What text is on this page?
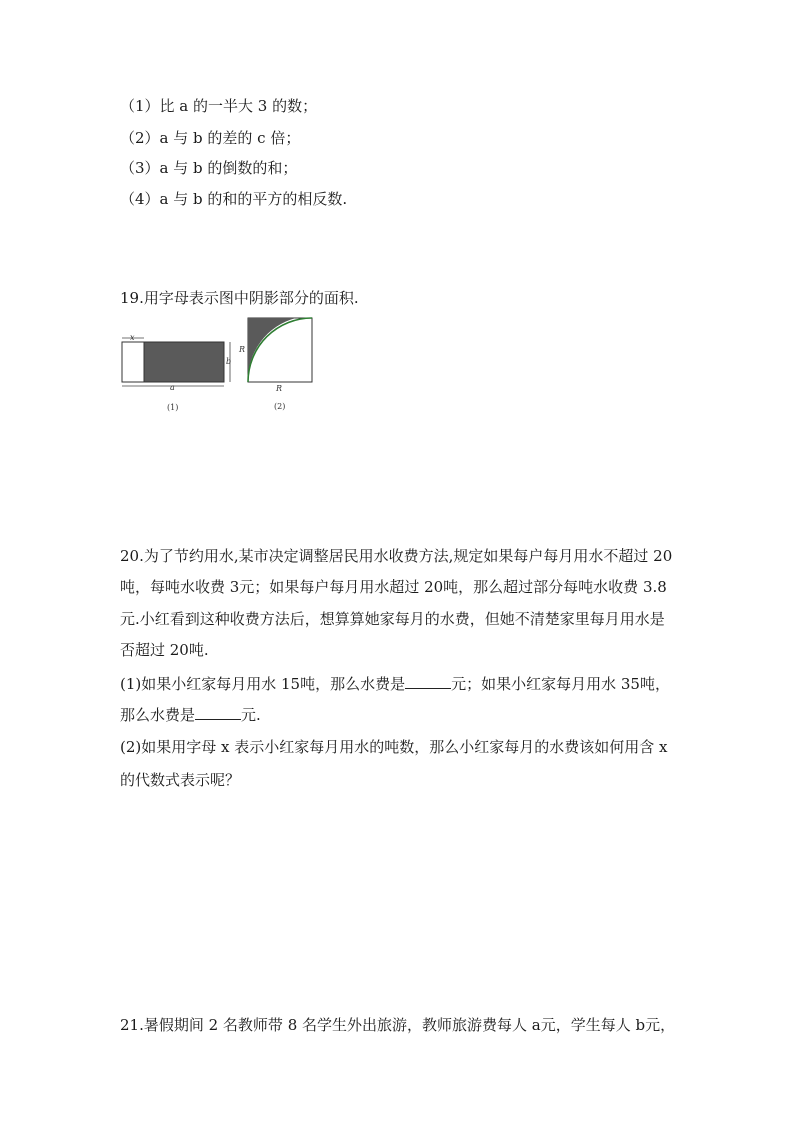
（1）比 a 的一半大 3 的数；
（2）a 与 b 的差的 c 倍；
（3）a 与 b 的倒数的和；
（4）a 与 b 的和的平方的相反数.
19.用字母表示图中阴影部分的面积.
x
b
a
(1)
R
R
(2)
20.为了节约用水,某市决定调整居民用水收费方法,规定如果每户每月用水不超过 20
吨，每吨水收费 3元；如果每户每月用水超过 20吨，那么超过部分每吨水收费 3.8
元.小红看到这种收费方法后，想算算她家每月的水费，但她不清楚家里每月用水是
否超过 20吨.
(1)如果小红家每月用水 15吨，那么水费是	元；如果小红家每月用水 35吨，
那么水费是	元.
(2)如果用字母 x 表示小红家每月用水的吨数，那么小红家每月的水费该如何用含 x
的代数式表示呢？
21.暑假期间 2 名教师带 8 名学生外出旅游，教师旅游费每人 a元，学生每人 b元，
